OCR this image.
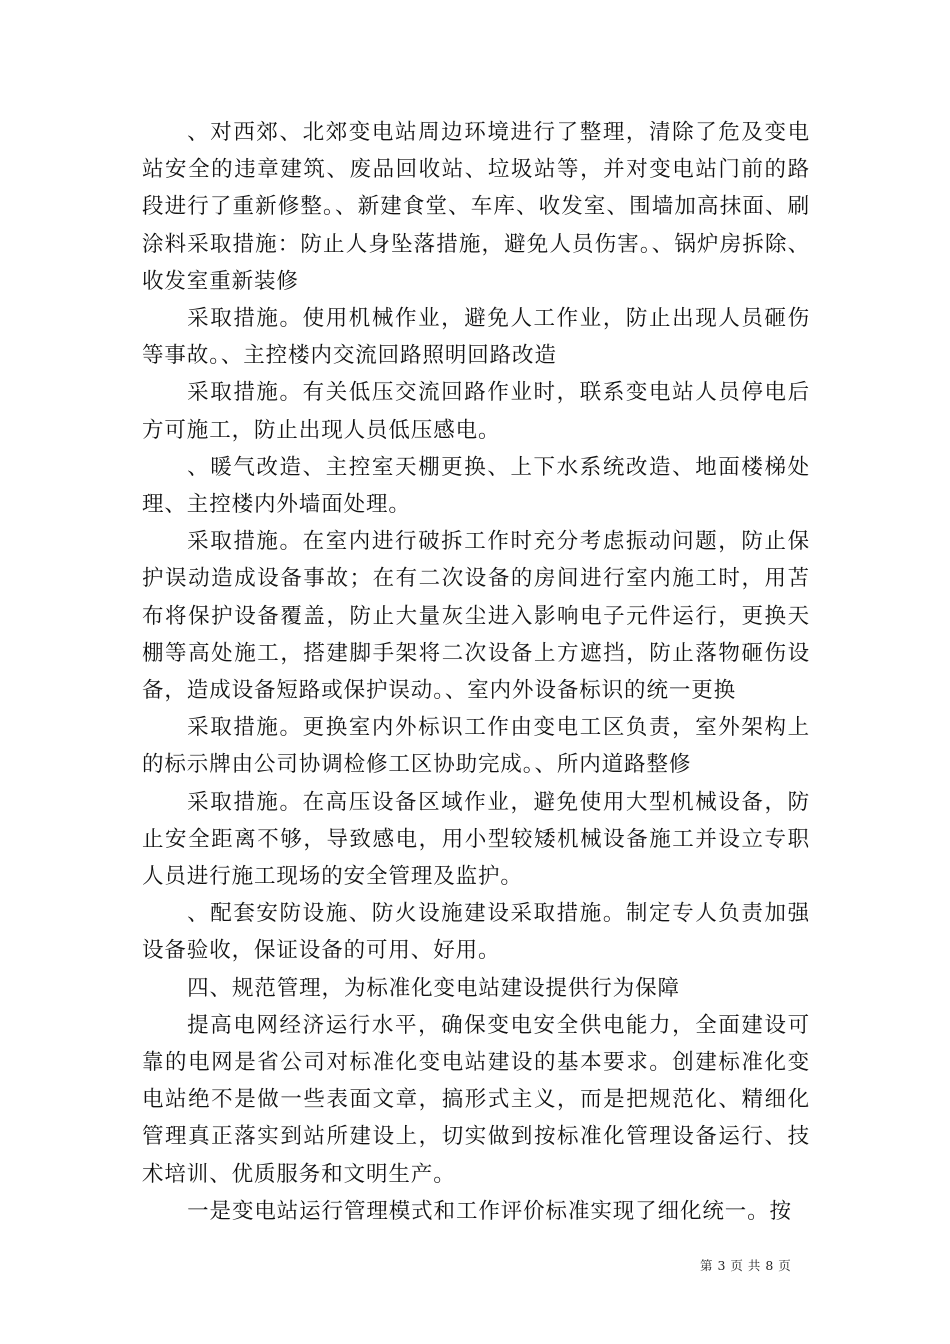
、对西郊、北郊变电站周边环境进行了整理，清除了危及变电站安全的违章建筑、废品回收站、垃圾站等，并对变电站门前的路段进行了重新修整。、新建食堂、车库、收发室、围墙加高抹面、刷涂料采取措施：防止人身坠落措施，避免人员伤害。、锅炉房拆除、收发室重新装修

采取措施。使用机械作业，避免人工作业，防止出现人员砸伤等事故。、主控楼内交流回路照明回路改造

采取措施。有关低压交流回路作业时，联系变电站人员停电后方可施工，防止出现人员低压感电。

、暖气改造、主控室天棚更换、上下水系统改造、地面楼梯处理、主控楼内外墙面处理。

采取措施。在室内进行破拆工作时充分考虑振动问题，防止保护误动造成设备事故；在有二次设备的房间进行室内施工时，用苫布将保护设备覆盖，防止大量灰尘进入影响电子元件运行，更换天棚等高处施工，搭建脚手架将二次设备上方遮挡，防止落物砸伤设备，造成设备短路或保护误动。、室内外设备标识的统一更换

采取措施。更换室内外标识工作由变电工区负责，室外架构上的标示牌由公司协调检修工区协助完成。、所内道路整修

采取措施。在高压设备区域作业，避免使用大型机械设备，防止安全距离不够，导致感电，用小型较矮机械设备施工并设立专职人员进行施工现场的安全管理及监护。

、配套安防设施、防火设施建设采取措施。制定专人负责加强设备验收，保证设备的可用、好用。

四、规范管理，为标准化变电站建设提供行为保障

提高电网经济运行水平，确保变电安全供电能力，全面建设可靠的电网是省公司对标准化变电站建设的基本要求。创建标准化变电站绝不是做一些表面文章，搞形式主义，而是把规范化、精细化管理真正落实到站所建设上，切实做到按标准化管理设备运行、技术培训、优质服务和文明生产。

一是变电站运行管理模式和工作评价标准实现了细化统一。按

第 3 页 共 8 页
